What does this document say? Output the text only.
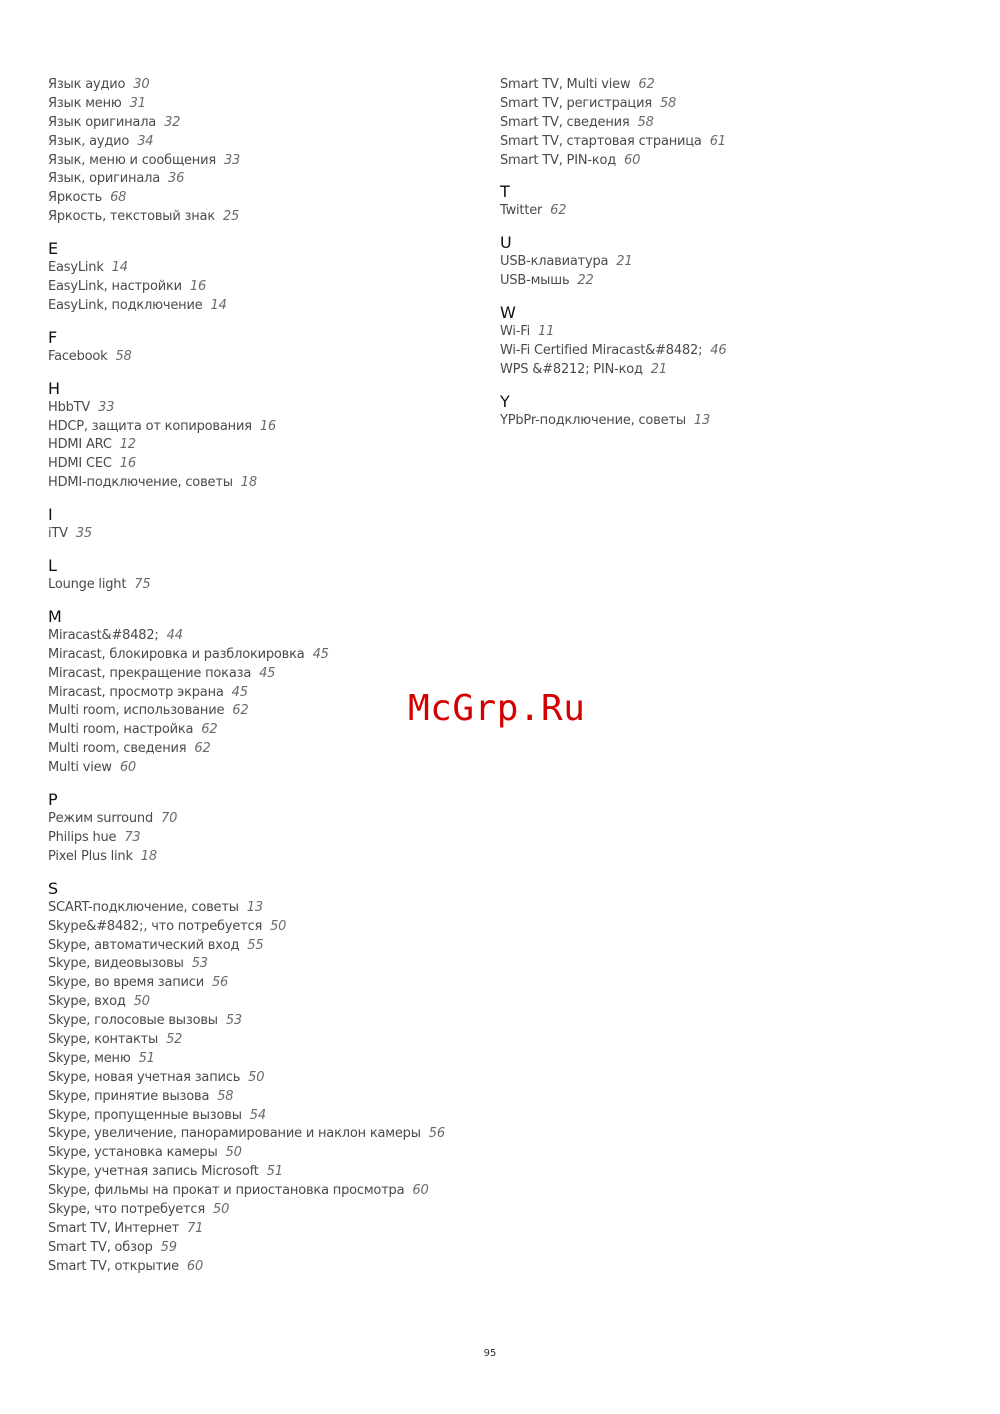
Язык аудио 30
Язык меню 31
Язык оригинала 32
Язык, аудио 34
Язык, меню и сообщения 33
Язык, оригинала 36
Яркость 68
Яркость, текстовый знак 25
E
EasyLink 14
EasyLink, настройки 16
EasyLink, подключение 14
F
Facebook 58
H
HbbTV 33
HDCP, защита от копирования 16
HDMI ARC 12
HDMI CEC 16
HDMI-подключение, советы 18
I
iTV 35
L
Lounge light 75
M
Miracast&#8482; 44
Miracast, блокировка и разблокировка 45
Miracast, прекращение показа 45
Miracast, просмотр экрана 45
Multi room, использование 62
Multi room, настройка 62
Multi room, сведения 62
Multi view 60
P
Режим surround 70
Philips hue 73
Pixel Plus link 18
S
SCART-подключение, советы 13
Skype&#8482;, что потребуется 50
Skype, автоматический вход 55
Skype, видеовызовы 53
Skype, во время записи 56
Skype, вход 50
Skype, голосовые вызовы 53
Skype, контакты 52
Skype, меню 51
Skype, новая учетная запись 50
Skype, принятие вызова 58
Skype, пропущенные вызовы 54
Skype, увеличение, панорамирование и наклон камеры 56
Skype, установка камеры 50
Skype, учетная запись Microsoft 51
Skype, фильмы на прокат и приостановка просмотра 60
Skype, что потребуется 50
Smart TV, Интернет 71
Smart TV, обзор 59
Smart TV, открытие 60
Smart TV, Multi view 62
Smart TV, регистрация 58
Smart TV, сведения 58
Smart TV, стартовая страница 61
Smart TV, PIN-код 60
T
Twitter 62
U
USB-клавиатура 21
USB-мышь 22
W
Wi-Fi 11
Wi-Fi Certified Miracast&#8482; 46
WPS &#8212; PIN-код 21
Y
YPbPr-подключение, советы 13
McGrp.Ru
95
